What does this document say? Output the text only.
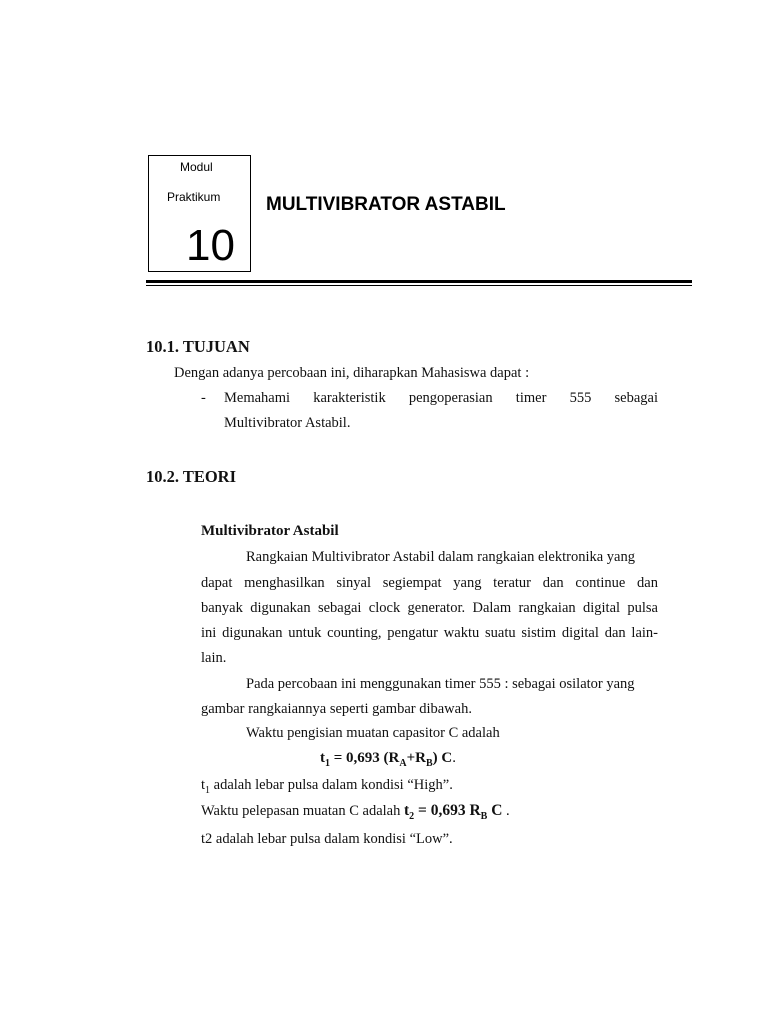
Modul
Praktikum
10
MULTIVIBRATOR ASTABIL
10.1. TUJUAN
Dengan adanya percobaan ini, diharapkan Mahasiswa dapat :
- Memahami karakteristik pengoperasian timer 555 sebagai
Multivibrator Astabil.
10.2. TEORI
Multivibrator Astabil
Rangkaian Multivibrator Astabil dalam rangkaian elektronika yang
dapat menghasilkan sinyal segiempat yang teratur dan continue dan
banyak digunakan sebagai clock generator. Dalam rangkaian digital pulsa
ini digunakan untuk counting, pengatur waktu suatu sistim digital dan lain-
lain.
Pada percobaan ini menggunakan timer 555 : sebagai osilator yang
gambar rangkaiannya seperti gambar dibawah.
Waktu pengisian muatan capasitor C adalah
$t_1 = 0,693$ $(R_A+R_B)$ C.
$t_1$ adalah lebar pulsa dalam kondisi “High”.
Waktu pelepasan muatan C adalah $t_2 = 0,693$ $R_B$ C .
t2 adalah lebar pulsa dalam kondisi “Low”.
